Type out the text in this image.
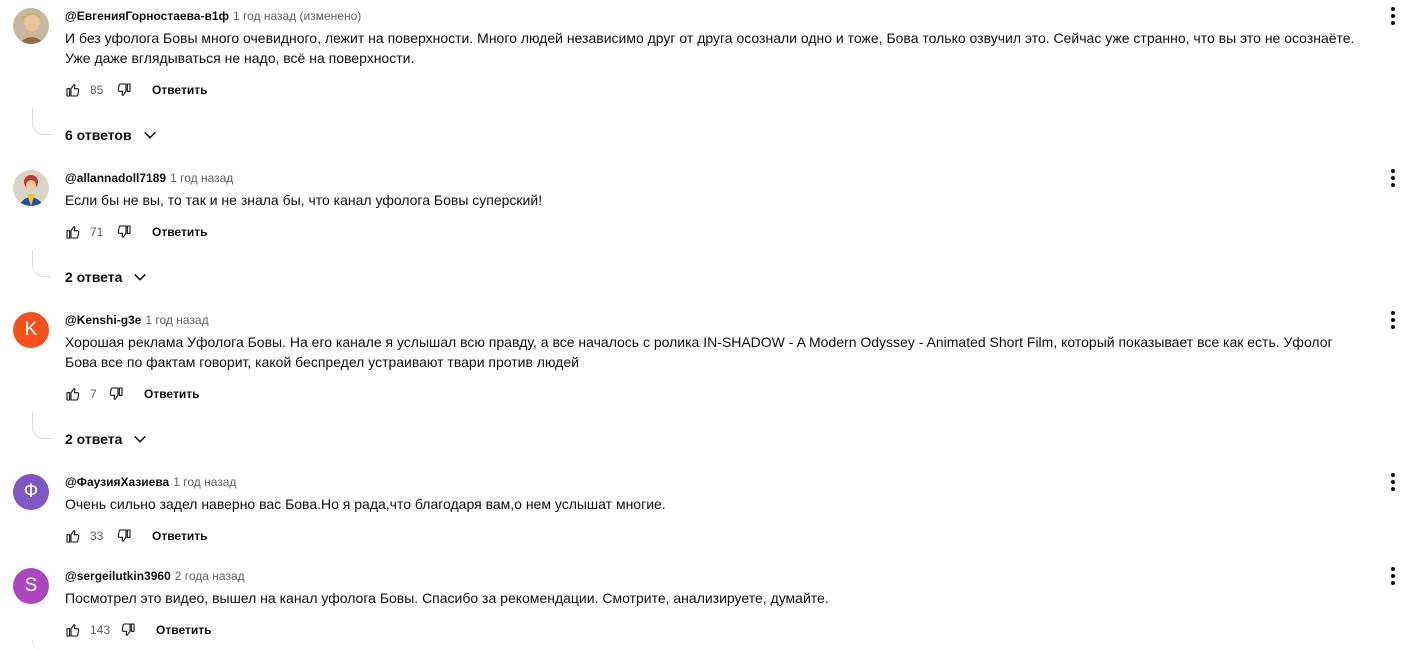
@ЕвгенияГорностаева-в1ф 1 год назад (изменено)
И без уфолога Бовы много очевидного, лежит на поверхности. Много людей независимо друг от друга осознали одно и тоже, Бова только озвучил это. Сейчас уже странно, что вы это не осознаёте. Уже даже вглядываться не надо, всё на поверхности.
85	Ответить
6 ответов
@allannadoll7189 1 год назад
Если бы не вы, то так и не знала бы, что канал уфолога Бовы суперский!
71	Ответить
2 ответа
K @Kenshi-g3e 1 год назад
Хорошая реклама Уфолога Бовы. На его канале я услышал всю правду, а все началось с ролика IN-SHADOW - A Modern Odyssey - Animated Short Film, который показывает все как есть. Уфолог Бова все по фактам говорит, какой беспредел устраивают твари против людей
7	Ответить
2 ответа
Ф @ФаузияХазиева 1 год назад
Очень сильно задел наверно вас Бова.Но я рада,что благодаря вам,о нем услышат многие.
33	Ответить
S @sergeilutkin3960 2 года назад
Посмотрел это видео, вышел на канал уфолога Бовы. Спасибо за рекомендации. Смотрите, анализируете, думайте.
143	Ответить
